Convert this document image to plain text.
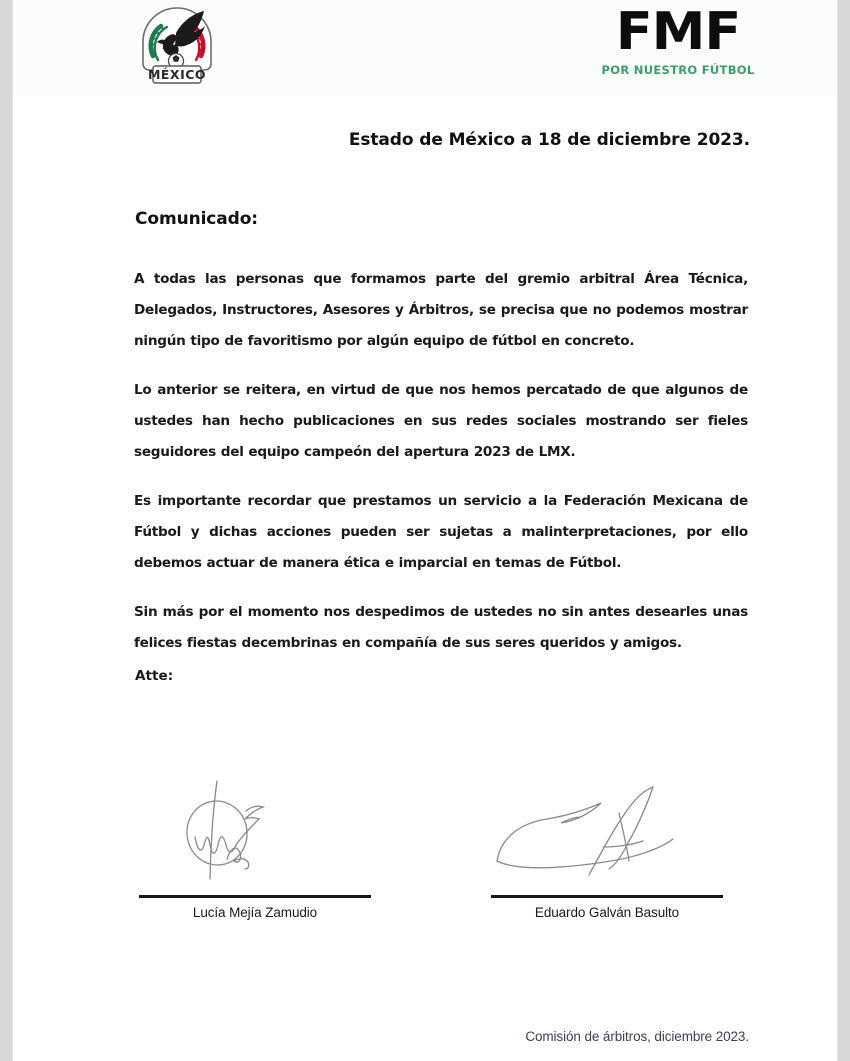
MÉXICO
FMF
POR NUESTRO FÚTBOL
Estado de México a 18 de diciembre 2023.
Comunicado:

A todas las personas que formamos parte del gremio arbitral Área Técnica, Delegados, Instructores, Asesores y Árbitros, se precisa que no podemos mostrar ningún tipo de favoritismo por algún equipo de fútbol en concreto.

Lo anterior se reitera, en virtud de que nos hemos percatado de que algunos de ustedes han hecho publicaciones en sus redes sociales mostrando ser fieles seguidores del equipo campeón del apertura 2023 de LMX.

Es importante recordar que prestamos un servicio a la Federación Mexicana de Fútbol y dichas acciones pueden ser sujetas a malinterpretaciones, por ello debemos actuar de manera ética e imparcial en temas de Fútbol.

Sin más por el momento nos despedimos de ustedes no sin antes desearles unas felices fiestas decembrinas en compañía de sus seres queridos y amigos.

Atte:
Lucía Mejía Zamudio	Eduardo Galván Basulto
Comisión de árbitros, diciembre 2023.
